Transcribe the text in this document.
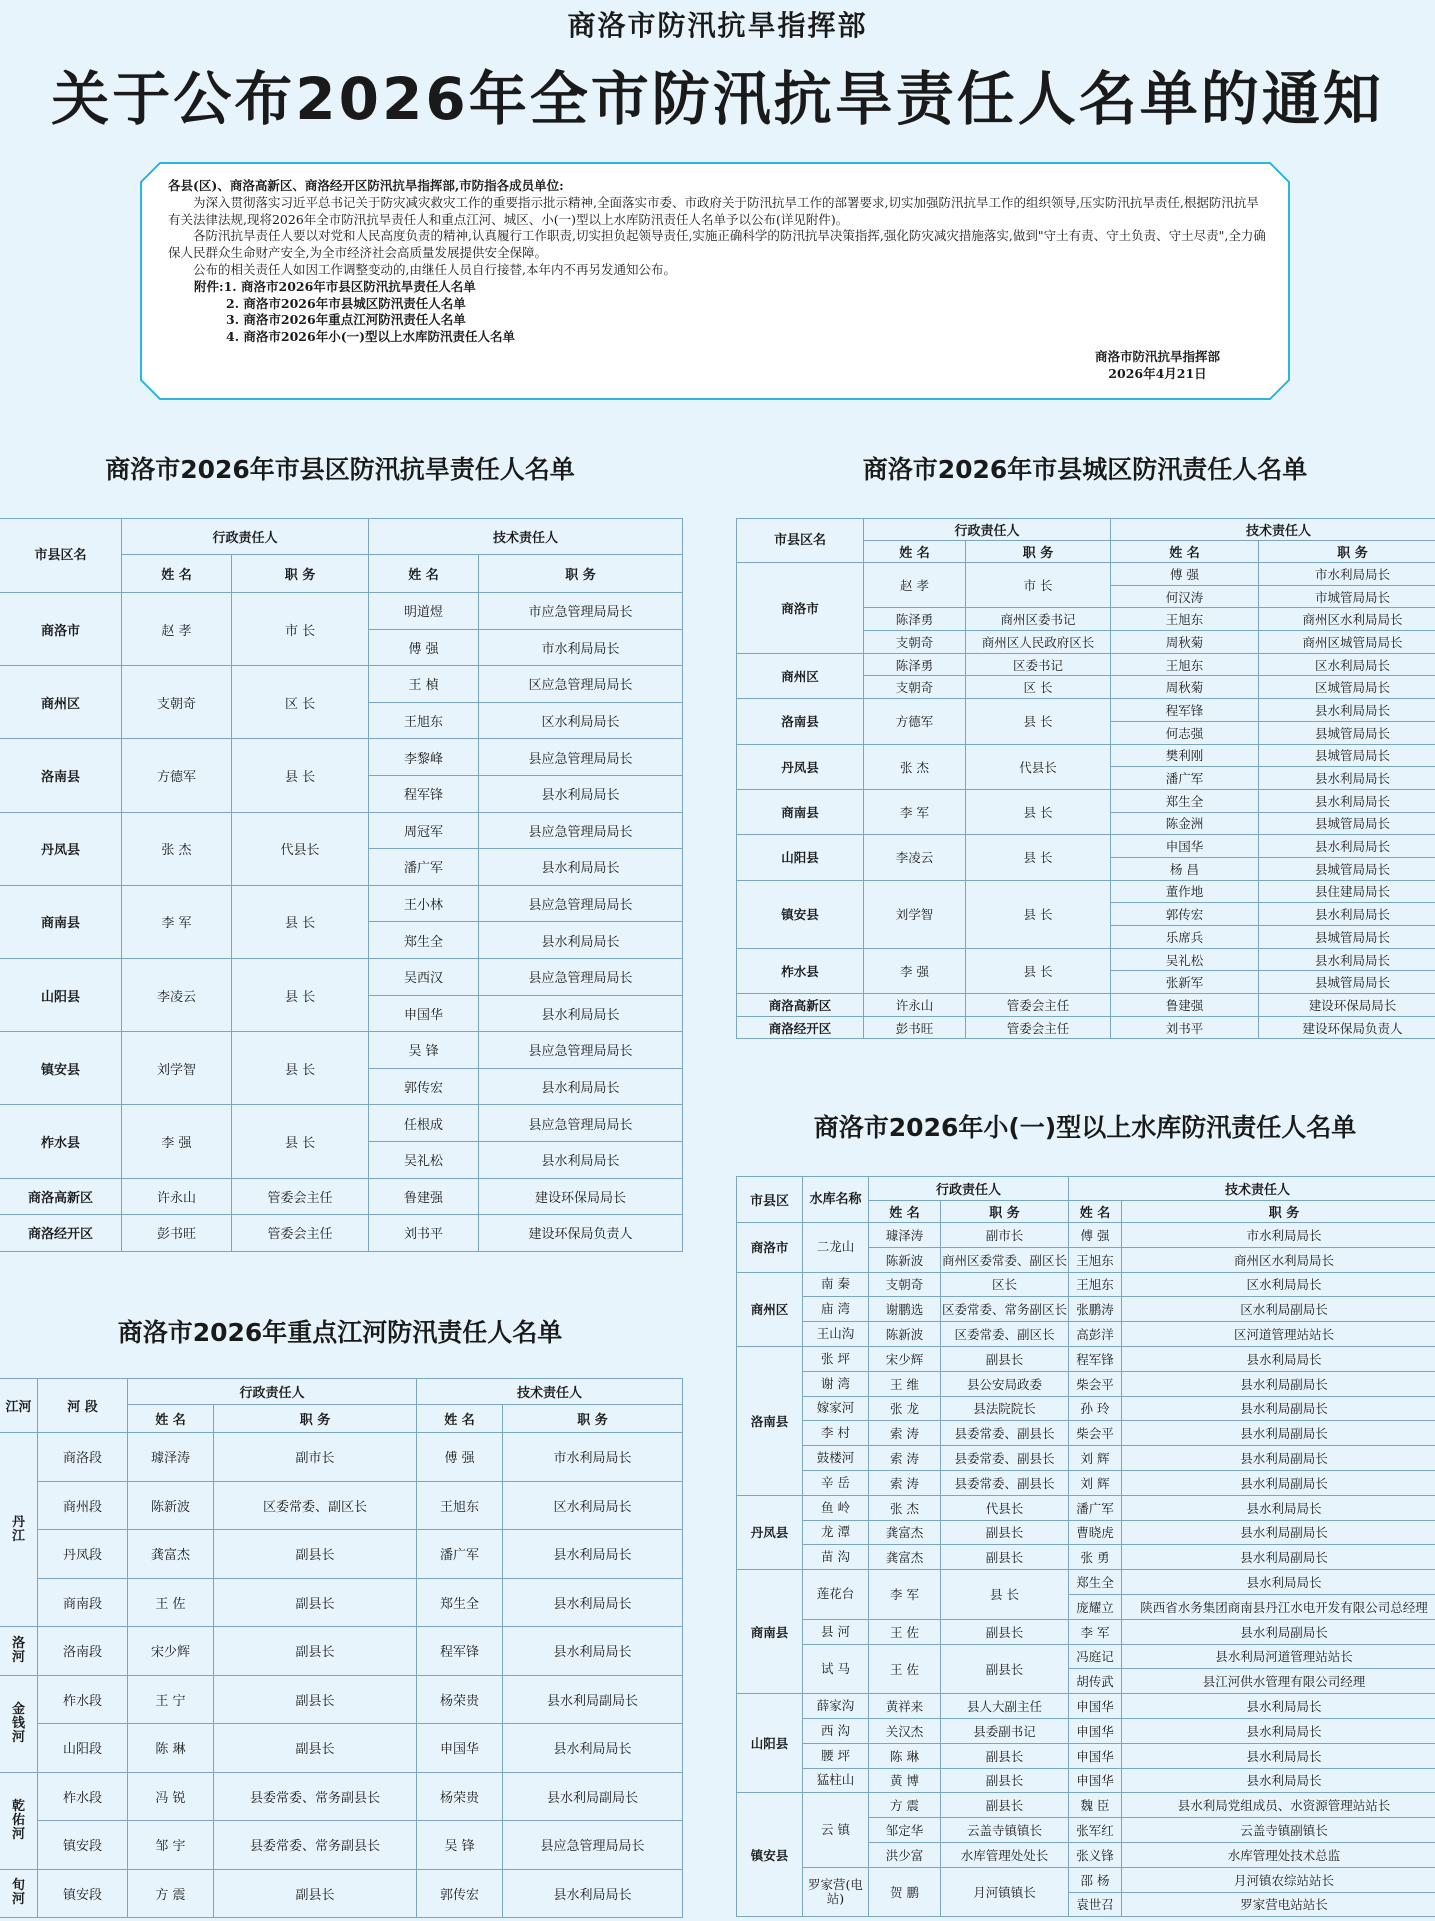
商洛市防汛抗旱指挥部
关于公布2026年全市防汛抗旱责任人名单的通知

各县(区)、商洛高新区、商洛经开区防汛抗旱指挥部,市防指各成员单位:

为深入贯彻落实习近平总书记关于防灾减灾救灾工作的重要指示批示精神,全面落实市委、市政府关于防汛抗旱工作的部署要求,切实加强防汛抗旱工作的组织领导,压实防汛抗旱责任,根据防汛抗旱有关法律法规,现将2026年全市防汛抗旱责任人和重点江河、城区、小(一)型以上水库防汛责任人名单予以公布(详见附件)。

各防汛抗旱责任人要以对党和人民高度负责的精神,认真履行工作职责,切实担负起领导责任,实施正确科学的防汛抗旱决策指挥,强化防灾减灾措施落实,做到"守土有责、守土负责、守土尽责",全力确保人民群众生命财产安全,为全市经济社会高质量发展提供安全保障。

公布的相关责任人如因工作调整变动的,由继任人员自行接替,本年内不再另发通知公布。

附件:1. 商洛市2026年市县区防汛抗旱责任人名单

2. 商洛市2026年市县城区防汛责任人名单

3. 商洛市2026年重点江河防汛责任人名单

4. 商洛市2026年小(一)型以上水库防汛责任人名单

商洛市防汛抗旱指挥部
2026年4月21日
商洛市2026年市县区防汛抗旱责任人名单	商洛市2026年市县城区防汛责任人名单
商洛市2026年重点江河防汛责任人名单
商洛市2026年小(一)型以上水库防汛责任人名单
市县区名	行政责任人		技术责任人	
	姓 名	职 务	姓 名	职 务
商洛市	赵 孝	市 长	明道煜	市应急管理局局长
			傅 强	市水利局局长
商州区	支朝奇	区 长	王 楨	区应急管理局局长
			王旭东	区水利局局长
洛南县	方德军	县 长	李黎峰	县应急管理局局长
			程军锋	县水利局局长
丹凤县	张 杰	代县长	周冠军	县应急管理局局长
			潘广军	县水利局局长
商南县	李 军	县 长	王小林	县应急管理局局长
			郑生全	县水利局局长
山阳县	李凌云	县 长	吴西汉	县应急管理局局长
			申国华	县水利局局长
镇安县	刘学智	县 长	吴 锋	县应急管理局局长
			郭传宏	县水利局局长
柞水县	李 强	县 长	任根成	县应急管理局局长
			吴礼松	县水利局局长
商洛高新区	许永山	管委会主任	鲁建强	建设环保局局长
商洛经开区	彭书旺	管委会主任	刘书平	建设环保局负责人
市县区名	行政责任人		技术责任人	
	姓 名	职 务	姓 名	职 务
商洛市	赵 孝	市 长	傅 强	市水利局局长
			何汉涛	市城管局局长
	陈泽勇	商州区委书记	王旭东	商州区水利局局长
	支朝奇	商州区人民政府区长	周秋菊	商州区城管局局长
商州区	陈泽勇	区委书记	王旭东	区水利局局长
	支朝奇	区 长	周秋菊	区城管局局长
洛南县	方德军	县 长	程军锋	县水利局局长
			何志强	县城管局局长
丹凤县	张 杰	代县长	樊利刚	县城管局局长
			潘广军	县水利局局长
商南县	李 军	县 长	郑生全	县水利局局长
			陈金洲	县城管局局长
山阳县	李凌云	县 长	申国华	县水利局局长
			杨 昌	县城管局局长
镇安县	刘学智	县 长	董作地	县住建局局长
			郭传宏	县水利局局长
			乐席兵	县城管局局长
柞水县	李 强	县 长	吴礼松	县水利局局长
			张新军	县城管局局长
商洛高新区	许永山	管委会主任	鲁建强	建设环保局局长
商洛经开区	彭书旺	管委会主任	刘书平	建设环保局负责人
江河	河 段	行政责任人		技术责任人	
		姓 名	职 务	姓 名	职 务
丹江	商洛段	璩泽涛	副市长	傅 强	市水利局局长
	商州段	陈新波	区委常委、副区长	王旭东	区水利局局长
	丹凤段	龚富杰	副县长	潘广军	县水利局局长
	商南段	王 佐	副县长	郑生全	县水利局局长
洛河	洛南段	宋少辉	副县长	程军锋	县水利局局长
金钱河	柞水段	王 宁	副县长	杨荣贵	县水利局副局长
	山阳段	陈 琳	副县长	申国华	县水利局局长
乾佑河	柞水段	冯 锐	县委常委、常务副县长	杨荣贵	县水利局副局长
	镇安段	邹 宇	县委常委、常务副县长	吴 锋	县应急管理局局长
旬河	镇安段	方 震	副县长	郭传宏	县水利局局长
市县区	水库名称	行政责任人		技术责任人	
		姓 名	职 务	姓 名	职 务
商洛市	二龙山	璩泽涛	副市长	傅 强	市水利局局长
		陈新波	商州区委常委、副区长	王旭东	商州区水利局局长
商州区	南 秦	支朝奇	区长	王旭东	区水利局局长
	庙 湾	谢鹏选	区委常委、常务副区长	张鹏涛	区水利局副局长
	王山沟	陈新波	区委常委、副区长	高彭洋	区河道管理站站长
洛南县	张 坪	宋少辉	副县长	程军锋	县水利局局长
	谢 湾	王 维	县公安局政委	柴会平	县水利局副局长
	嫁家河	张 龙	县法院院长	孙 玲	县水利局副局长
	李 村	索 涛	县委常委、副县长	柴会平	县水利局副局长
	鼓楼河	索 涛	县委常委、副县长	刘 辉	县水利局副局长
	辛 岳	索 涛	县委常委、副县长	刘 辉	县水利局副局长
丹凤县	鱼 岭	张 杰	代县长	潘广军	县水利局局长
	龙 潭	龚富杰	副县长	曹晓虎	县水利局副局长
	苗 沟	龚富杰	副县长	张 勇	县水利局副局长
商南县	莲花台	李 军	县 长	郑生全	县水利局局长
				庞耀立	陕西省水务集团商南县丹江水电开发有限公司总经理
	县 河	王 佐	副县长	李 军	县水利局副局长
	试 马	王 佐	副县长	冯庭记	县水利局河道管理站站长
				胡传武	县江河供水管理有限公司经理
山阳县	薛家沟	黄祥来	县人大副主任	申国华	县水利局局长
	西 沟	关汉杰	县委副书记	申国华	县水利局局长
	腰 坪	陈 琳	副县长	申国华	县水利局局长
	猛柱山	黄 博	副县长	申国华	县水利局局长
镇安县	云 镇	方 震	副县长	魏 臣	县水利局党组成员、水资源管理站站长
		邹定华	云盖寺镇镇长	张军红	云盖寺镇副镇长
		洪少富	水库管理处处长	张义锋	水库管理处技术总监
	罗家营(电站)	贺 鹏	月河镇镇长	邵 杨	月河镇农综站站长
				袁世召	罗家营电站站长
